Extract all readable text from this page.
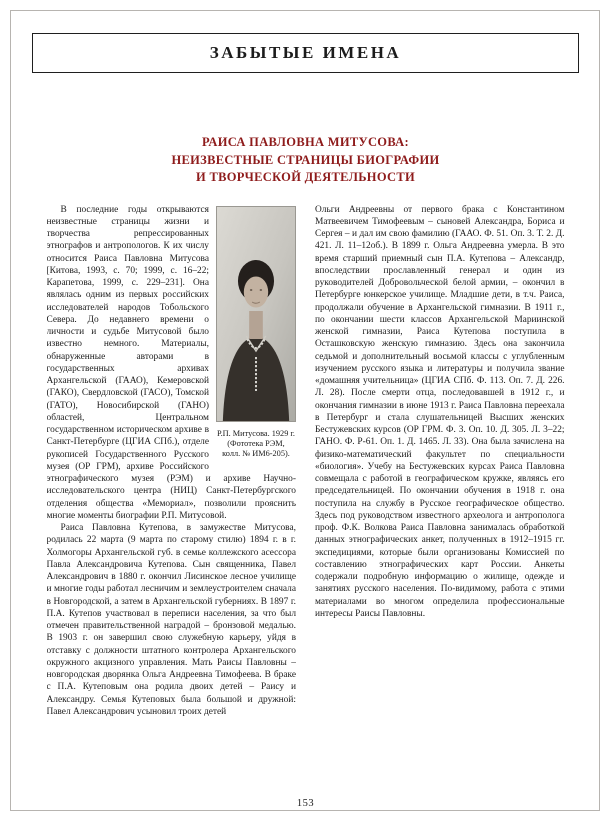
ЗАБЫТЫЕ ИМЕНА
РАИСА ПАВЛОВНА МИТУСОВА:
НЕИЗВЕСТНЫЕ СТРАНИЦЫ БИОГРАФИИ
И ТВОРЧЕСКОЙ ДЕЯТЕЛЬНОСТИ
Р.П. Митусова. 1929 г.
(Фототека РЭМ,
колл. № ИМ6-205).

В последние годы открываются неизвестные страницы жизни и творчества репрессированных этнографов и антропологов. К их числу относится Раиса Павловна Митусова [Китова, 1993, с. 70; 1999, с. 16–22; Карапетова, 1999, с. 229–231]. Она являлась одним из первых российских исследователей народов Тобольского Севера. До недавнего времени о личности и судьбе Митусовой было известно немного. Материалы, обнаруженные авторами в государственных архивах Архангельской (ГААО), Кемеровской (ГАКО), Свердловской (ГАСО), Томской (ГАТО), Новосибирской (ГАНО) областей, Центральном государственном историческом архиве в Санкт-Петербурге (ЦГИА СПб.), отделе рукописей Государственного Русского музея (ОР ГРМ), архиве Российского этнографического музея (РЭМ) и архиве Научно-исследовательского центра (НИЦ) Санкт-Петербургского отделения общества «Мемориал», позволили прояснить многие моменты биографии Р.П. Митусовой.

Раиса Павловна Кутепова, в замужестве Митусова, родилась 22 марта (9 марта по старому стилю) 1894 г. в г. Холмогоры Архангельской губ. в семье коллежского асессора Павла Александровича Кутепова. Сын священника, Павел Александрович в 1880 г. окончил Лисинское лесное училище и многие годы работал лесничим и землеустроителем сначала в Новгородской, а затем в Архангельской губерниях. В 1897 г. П.А. Кутепов участвовал в переписи населения, за что был отмечен правительственной наградой – бронзовой медалью. В 1903 г. он завершил свою служебную карьеру, уйдя в отставку с должности штатного контролера Архангельского окружного акцизного управления. Мать Раисы Павловны – новгородская дворянка Ольга Андреевна Тимофеева. В браке с П.А. Кутеповым она родила двоих детей – Раису и Александру. Семья Кутеповых была большой и дружной: Павел Александрович усыновил троих детей

Ольги Андреевны от первого брака с Константином Матвеевичем Тимофеевым – сыновей Александра, Бориса и Сергея – и дал им свою фамилию (ГААО. Ф. 51. Оп. 3. Т. 2. Д. 421. Л. 11–12об.). В 1899 г. Ольга Андреевна умерла. В это время старший приемный сын П.А. Кутепова – Александр, впоследствии прославленный генерал и один из руководителей Добровольческой белой армии, – окончил в Петербурге юнкерское училище. Младшие дети, в т.ч. Раиса, продолжали обучение в Архангельской гимназии. В 1911 г., по окончании шести классов Архангельской Мариинской женской гимназии, Раиса Кутепова поступила в Осташковскую женскую гимназию. Здесь она закончила седьмой и дополнительный восьмой классы с углубленным изучением русского языка и литературы и получила звание «домашняя учительница» (ЦГИА СПб. Ф. 113. Оп. 7. Д. 226. Л. 28). После смерти отца, последовавшей в 1912 г., и окончания гимназии в июне 1913 г. Раиса Павловна переехала в Петербург и стала слушательницей Высших женских Бестужевских курсов (ОР ГРМ. Ф. 3. Оп. 10. Д. 305. Л. 3–22; ГАНО. Ф. Р-61. Оп. 1. Д. 1465. Л. 33). Она была зачислена на физико-математический факультет по специальности «биология». Учебу на Бестужевских курсах Раиса Павловна совмещала с работой в географическом кружке, являясь его председательницей. По окончании обучения в 1918 г. она поступила на службу в Русское географическое общество. Здесь под руководством известного археолога и антрополога проф. Ф.К. Волкова Раиса Павловна занималась обработкой данных этнографических анкет, полученных в 1912–1915 гг. экспедициями, которые были организованы Комиссией по составлению этнографических карт России. Анкеты содержали подробную информацию о жилище, одежде и занятиях русского населения. По-видимому, работа с этими материалами во многом определила профессиональные интересы Раисы Павловны.

153
